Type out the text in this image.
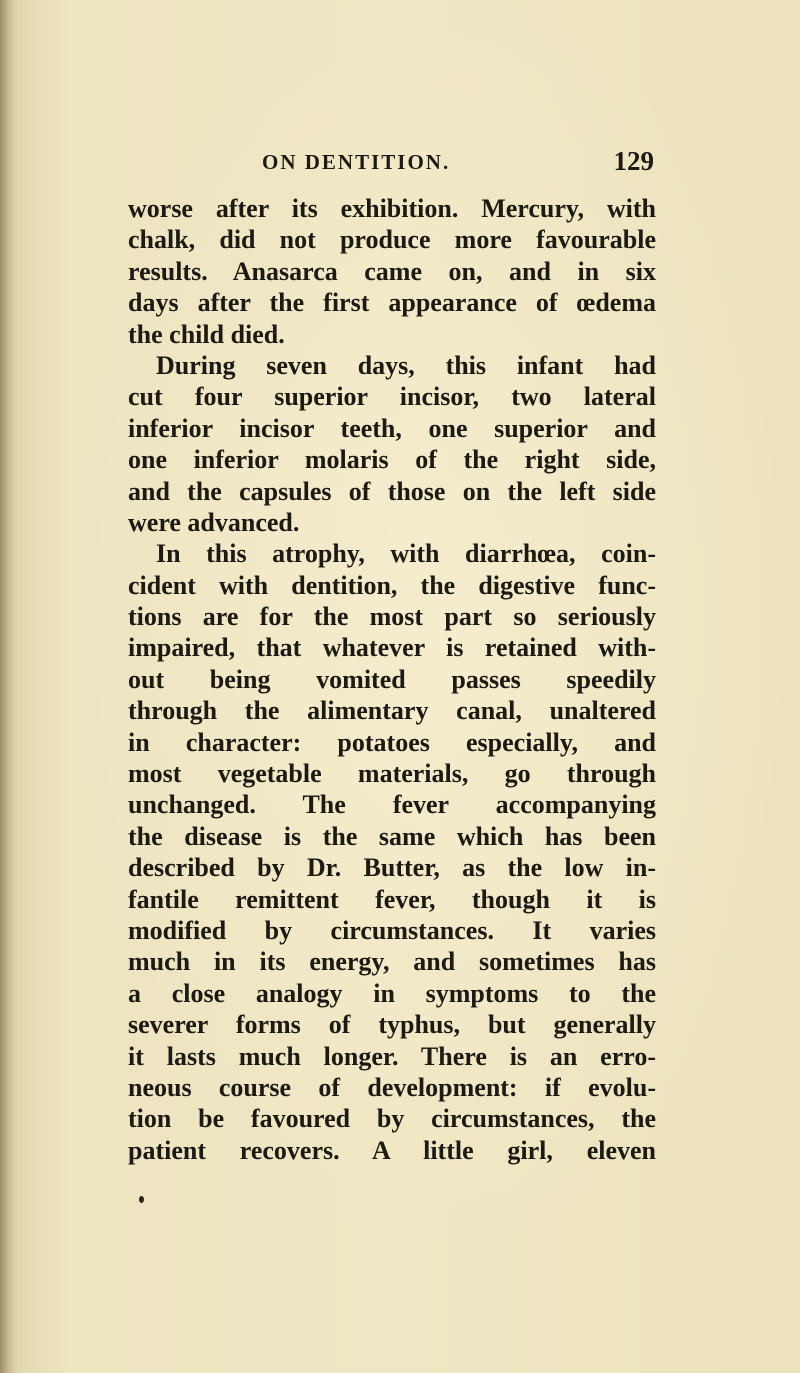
ON DENTITION.	129
worse after its exhibition. Mercury, with
chalk, did not produce more favourable
results. Anasarca came on, and in six
days after the first appearance of œdema
the child died.
During seven days, this infant had
cut four superior incisor, two lateral
inferior incisor teeth, one superior and
one inferior molaris of the right side,
and the capsules of those on the left side
were advanced.
In this atrophy, with diarrhœa, coin-
cident with dentition, the digestive func-
tions are for the most part so seriously
impaired, that whatever is retained with-
out being vomited passes speedily
through the alimentary canal, unaltered
in character: potatoes especially, and
most vegetable materials, go through
unchanged. The fever accompanying
the disease is the same which has been
described by Dr. Butter, as the low in-
fantile remittent fever, though it is
modified by circumstances. It varies
much in its energy, and sometimes has
a close analogy in symptoms to the
severer forms of typhus, but generally
it lasts much longer. There is an erro-
neous course of development: if evolu-
tion be favoured by circumstances, the
patient recovers. A little girl, eleven
